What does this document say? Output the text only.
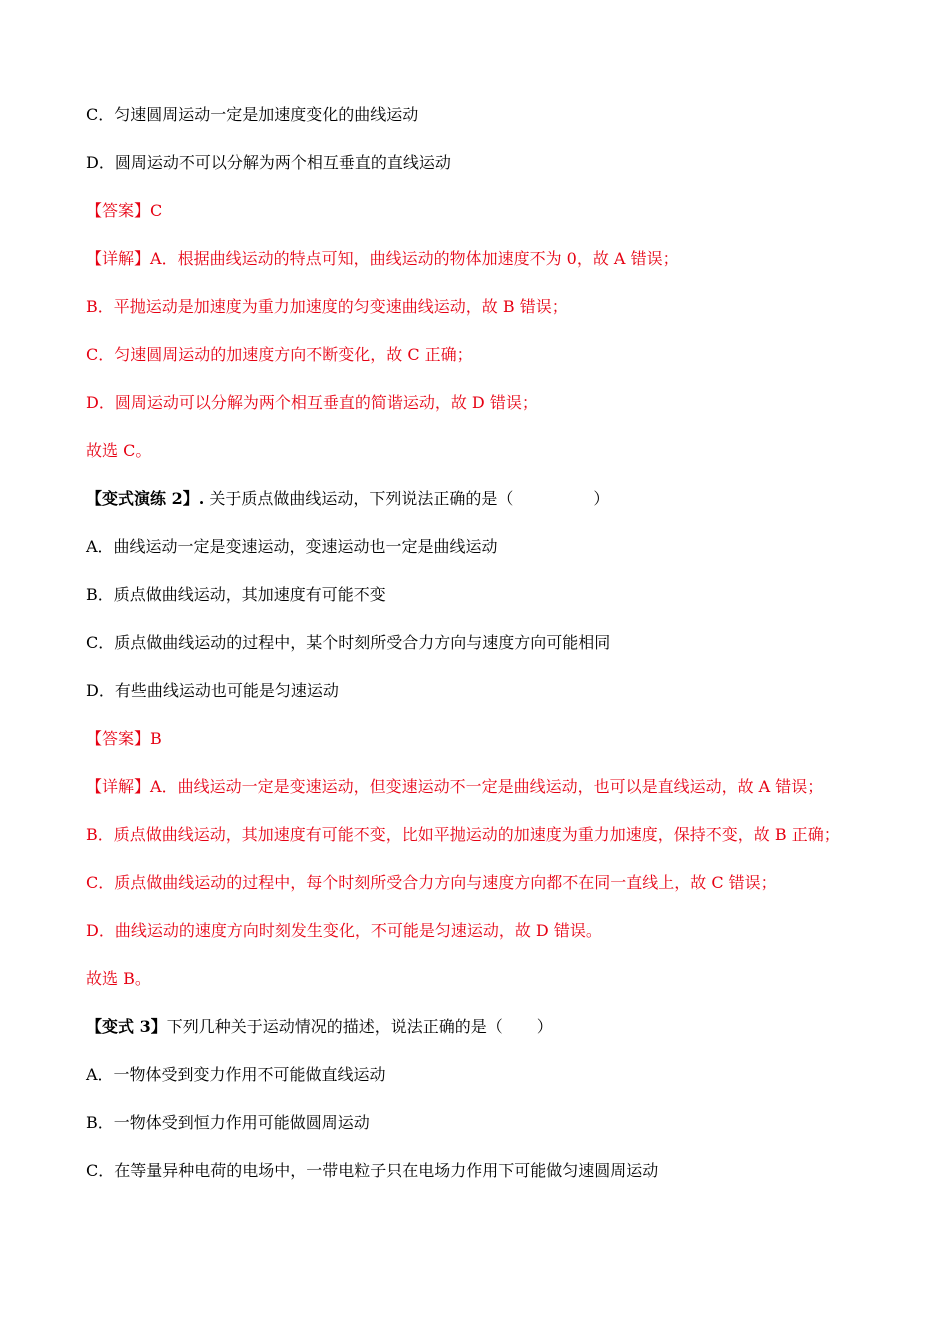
C．匀速圆周运动一定是加速度变化的曲线运动
D．圆周运动不可以分解为两个相互垂直的直线运动
【答案】C
【详解】A．根据曲线运动的特点可知，曲线运动的物体加速度不为 0，故 A 错误；
B．平抛运动是加速度为重力加速度的匀变速曲线运动，故 B 错误；
C．匀速圆周运动的加速度方向不断变化，故 C 正确；
D．圆周运动可以分解为两个相互垂直的简谐运动，故 D 错误；
故选 C。
【变式演练 2】. 关于质点做曲线运动，下列说法正确的是（	）
A．曲线运动一定是变速运动，变速运动也一定是曲线运动
B．质点做曲线运动，其加速度有可能不变
C．质点做曲线运动的过程中，某个时刻所受合力方向与速度方向可能相同
D．有些曲线运动也可能是匀速运动
【答案】B
【详解】A．曲线运动一定是变速运动，但变速运动不一定是曲线运动，也可以是直线运动，故 A 错误；
B．质点做曲线运动，其加速度有可能不变，比如平抛运动的加速度为重力加速度，保持不变，故 B 正确；
C．质点做曲线运动的过程中，每个时刻所受合力方向与速度方向都不在同一直线上，故 C 错误；
D．曲线运动的速度方向时刻发生变化，不可能是匀速运动，故 D 错误。
故选 B。
【变式 3】下列几种关于运动情况的描述，说法正确的是（ ）
A．一物体受到变力作用不可能做直线运动
B．一物体受到恒力作用可能做圆周运动
C．在等量异种电荷的电场中，一带电粒子只在电场力作用下可能做匀速圆周运动
